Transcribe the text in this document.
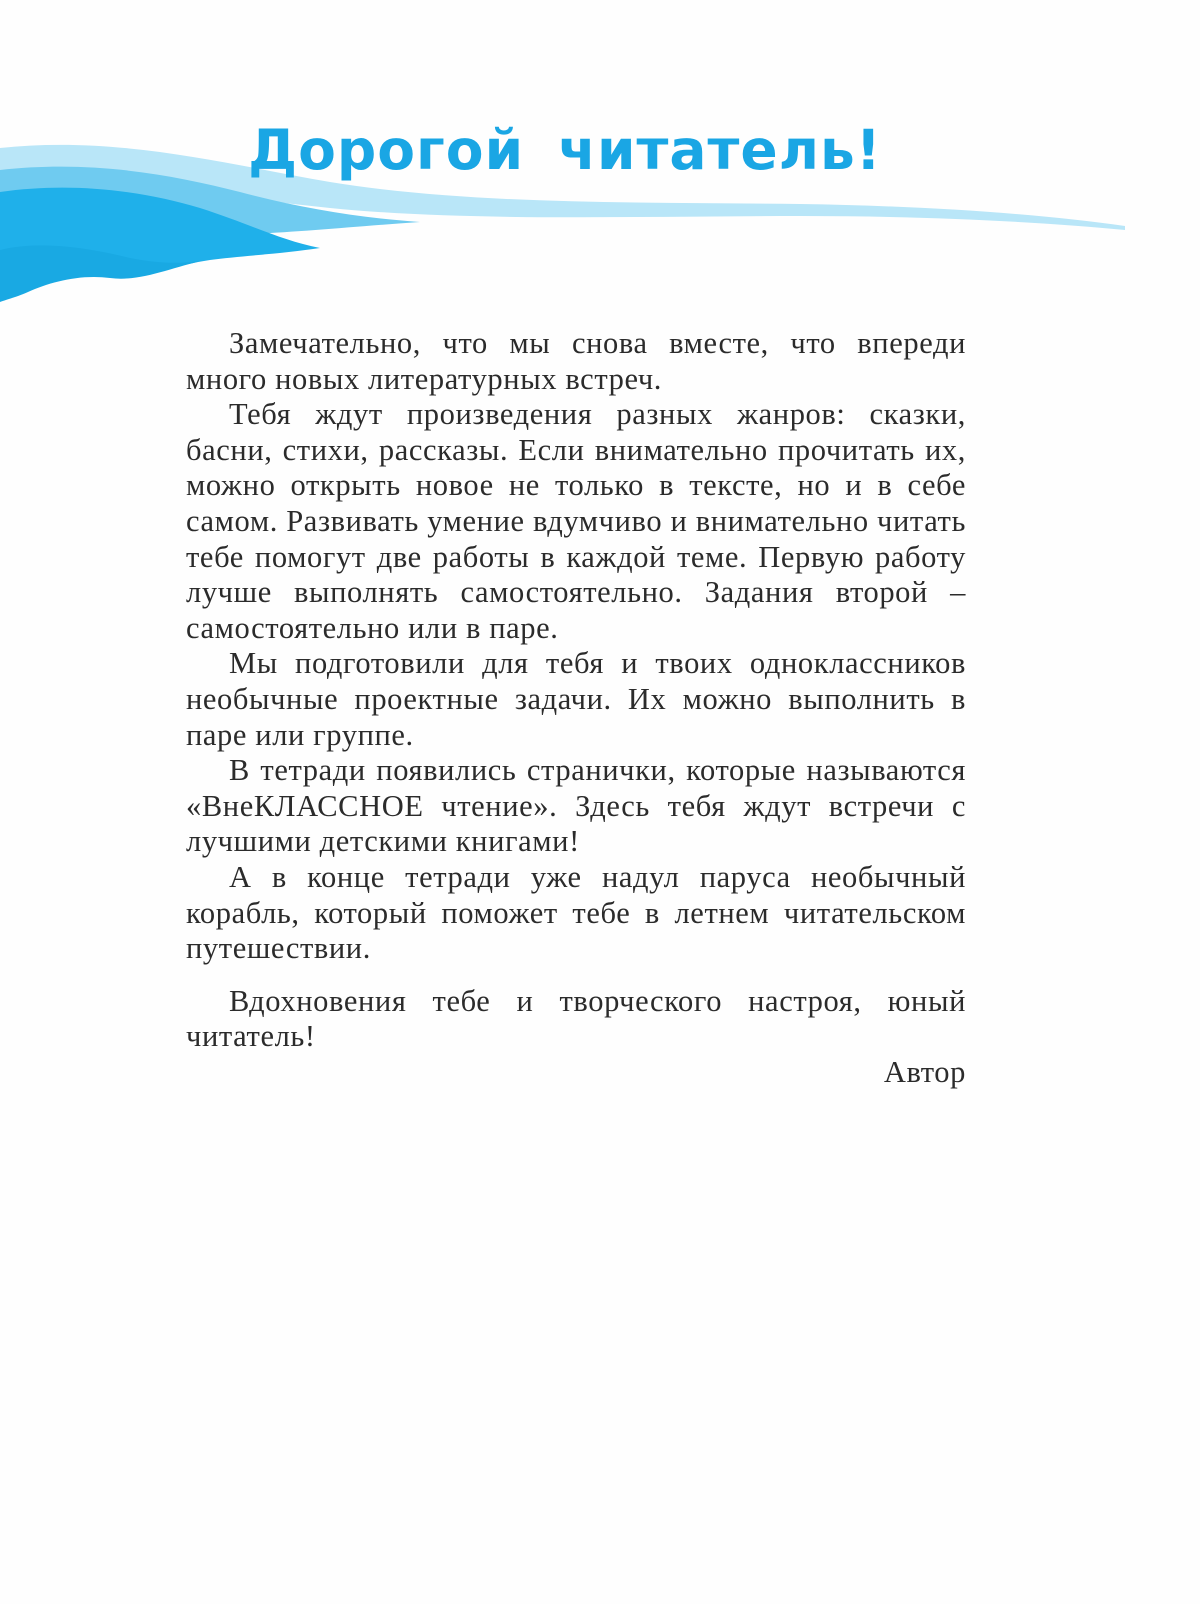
Дорогой читатель!

Замечательно, что мы снова вместе, что впереди много новых литературных встреч.

Тебя ждут произведения разных жанров: сказки, басни, стихи, рассказы. Если внимательно прочитать их, можно открыть новое не только в тексте, но и в себе самом. Развивать умение вдумчиво и внимательно читать тебе помогут две работы в каждой теме. Первую работу лучше выполнять самостоятельно. Задания второй – самостоятельно или в паре.

Мы подготовили для тебя и твоих одноклассников необычные проектные задачи. Их можно выполнить в паре или группе.

В тетради появились странички, которые называются «ВнеКЛАССНОЕ чтение». Здесь тебя ждут встречи с лучшими детскими книгами!

А в конце тетради уже надул паруса необычный корабль, который поможет тебе в летнем читательском путешествии.

Вдохновения тебе и творческого настроя, юный читатель!

Автор
